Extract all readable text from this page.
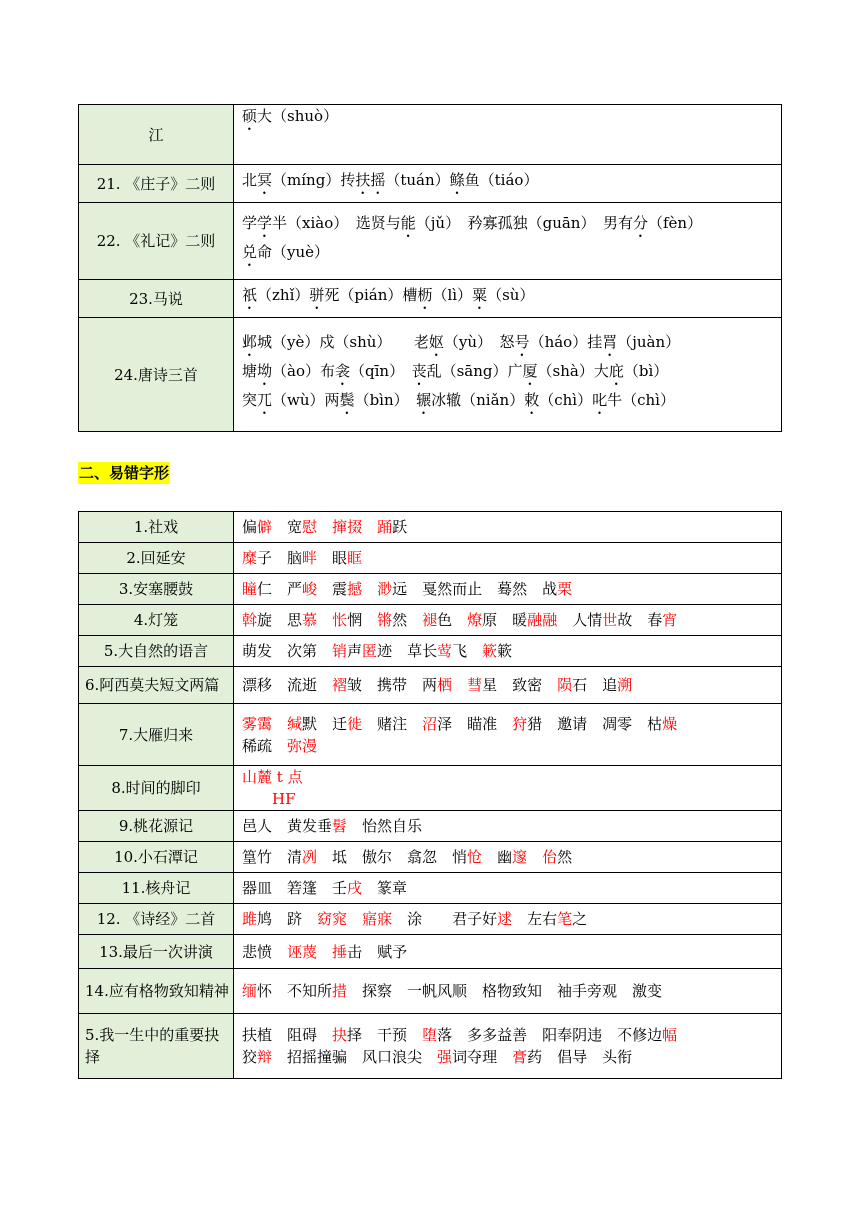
江	硕大（shuò）

21. 《庄子》二则	北冥（míng）抟扶摇（tuán）鲦鱼（tiáo）

22. 《礼记》二则	学学半（xiào）　选贤与能（jǔ）　矜寡孤独（guān）　男有分（fèn）
兑命（yuè）

23.马说	祇（zhǐ）骈死（pián）槽枥（lì）粟（sù）

24.唐诗三首	邺城（yè）戍（shù）　　老妪（yù）　怒号（háo）挂罥（juàn）
塘坳（ào）布衾（qīn）　丧乱（sāng）广厦（shà）大庇（bì）
突兀（wù）两鬓（bìn）　辗冰辙（niǎn）敕（chì）叱牛（chì）
二、易错字形
1.社戏	偏僻　宽慰　 撺掇　 踊跃

2.回延安	糜子　脑畔　眼眶

3.安塞腰鼓	瞳仁　严峻　震撼　 渺远　戛然而止　蓦然　战栗

4.灯笼	斡旋　思慕　 怅惘　锵然　褪色　燎原　暖融融　人情世故　春宵

5.大自然的语言	萌发　次第　销声匿迹　草长莺飞　簌簌

6.阿西莫夫短文两篇	漂移　流逝　褶皱　携带　两栖　 彗星　致密　陨石　追溯

7.大雁归来	雾霭　 缄默　迁徙　赌注　沼泽　瞄准　狩猎　邀请　凋零　枯燥
稀疏　弥漫

8.时间的脚印	山麓 t 点
　　HF

9.桃花源记	邑人　黄发垂髫　怡然自乐

10.小石潭记	篁竹　清冽　坻　傲尔　翕忽　悄怆　幽邃　 佁然

11.核舟记	器皿　箬篷　壬戌　篆章

12. 《诗经》二首	雎鸠　跻　窈窕　 寤寐　涂　　君子好逑　左右笔之

13.最后一次讲演	悲愤　诬蔑　 捶击　赋予

14.应有格物致知精神	缅怀　不知所措　探察　一帆风顺　格物致知　袖手旁观　激变

5.我一生中的重要抉择	扶植　阻碍　抉择　干预　堕落　多多益善　阳奉阴违　不修边幅
狡辩　招摇撞骗　风口浪尖　强词夺理　膏药　倡导　头衔
